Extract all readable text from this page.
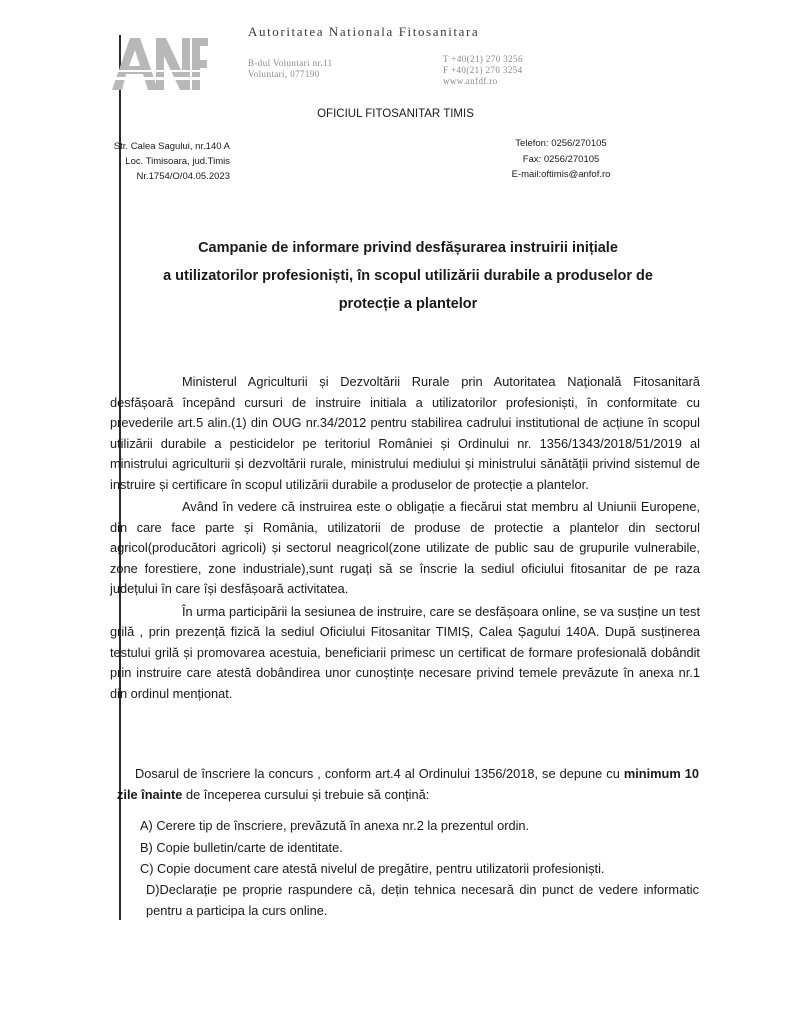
Autoritatea Nationala Fitosanitara
B-dul Voluntari nr.11
Voluntari, 077190
T +40(21) 270 3256
F +40(21) 270 3254
www.anfdf.ro
OFICIUL FITOSANITAR TIMIS
Str. Calea Sagului, nr.140 A
Loc. Timisoara, jud.Timis
Nr.1754/O/04.05.2023
Telefon: 0256/270105
Fax: 0256/270105
E-mail:oftimis@anfof.ro
Campanie de informare privind desfășurarea instruirii inițiale
a utilizatorilor profesioniști, în scopul utilizării durabile a produselor de
protecție a plantelor

Ministerul Agriculturii și Dezvoltării Rurale prin Autoritatea Națională Fitosanitară desfășoară începând cursuri de instruire initiala a utilizatorilor profesioniști, în conformitate cu prevederile art.5 alin.(1) din OUG nr.34/2012 pentru stabilirea cadrului institutional de acțiune în scopul utilizării durabile a pesticidelor pe teritoriul României și Ordinului nr. 1356/1343/2018/51/2019 al ministrului agriculturii și dezvoltării rurale, ministrului mediului și ministrului sănătății privind sistemul de instruire și certificare în scopul utilizării durabile a produselor de protecție a plantelor.

Având în vedere că instruirea este o obligație a fiecărui stat membru al Uniunii Europene, din care face parte și România, utilizatorii de produse de protectie a plantelor din sectorul agricol(producători agricoli) și sectorul neagricol(zone utilizate de public sau de grupurile vulnerabile, zone forestiere, zone industriale),sunt rugați să se înscrie la sediul oficiului fitosanitar de pe raza județului în care își desfășoară activitatea.

În urma participării la sesiunea de instruire, care se desfășoara online, se va susține un test grilă , prin prezență fizică la sediul Oficiului Fitosanitar TIMIȘ, Calea Șagului 140A. După susținerea testului grilă și promovarea acestuia, beneficiarii primesc un certificat de formare profesională dobândit prin instruire care atestă dobândirea unor cunoștințe necesare privind temele prevăzute în anexa nr.1 din ordinul menționat.

Dosarul de înscriere la concurs , conform art.4 al Ordinului 1356/2018, se depune cu minimum 10 zile înainte de începerea cursului și trebuie să conțină:

A) Cerere tip de înscriere, prevăzută în anexa nr.2 la prezentul ordin.
B) Copie bulletin/carte de identitate.
C) Copie document care atestă nivelul de pregătire, pentru utilizatorii profesioniști.
D)Declarație pe proprie raspundere că, dețin tehnica necesară din punct de vedere informatic pentru a participa la curs online.
